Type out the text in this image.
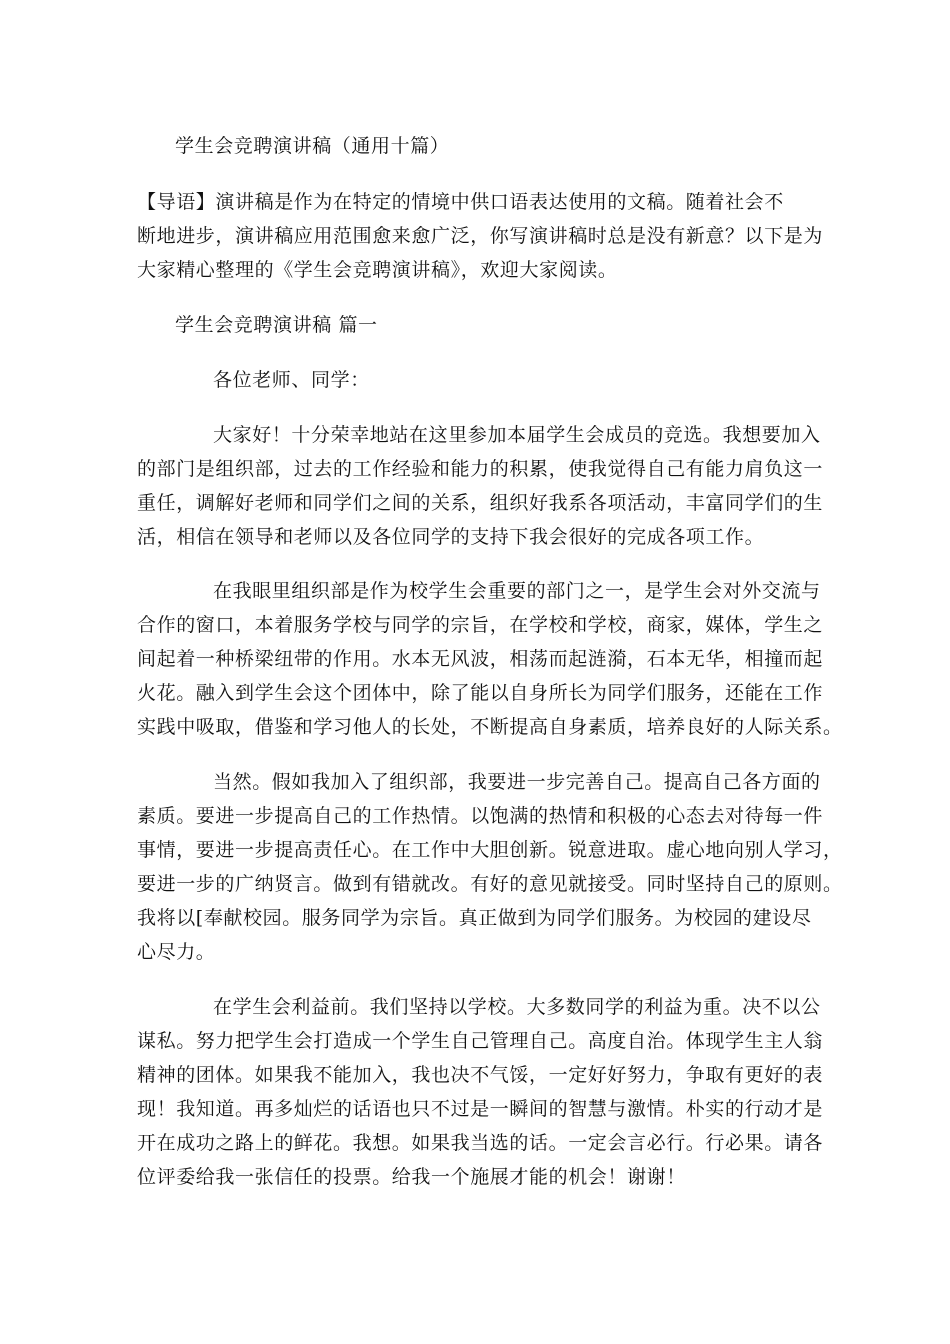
学生会竞聘演讲稿（通用十篇）

【导语】演讲稿是作为在特定的情境中供口语表达使用的文稿。随着社会不

断地进步，演讲稿应用范围愈来愈广泛，你写演讲稿时总是没有新意？以下是为

大家精心整理的《学生会竞聘演讲稿》，欢迎大家阅读。

学生会竞聘演讲稿 篇一

各位老师、同学：

大家好！十分荣幸地站在这里参加本届学生会成员的竞选。我想要加入

的部门是组织部，过去的工作经验和能力的积累，使我觉得自己有能力肩负这一

重任，调解好老师和同学们之间的关系，组织好我系各项活动，丰富同学们的生

活，相信在领导和老师以及各位同学的支持下我会很好的完成各项工作。

在我眼里组织部是作为校学生会重要的部门之一，是学生会对外交流与

合作的窗口，本着服务学校与同学的宗旨，在学校和学校，商家，媒体，学生之

间起着一种桥梁纽带的作用。水本无风波，相荡而起涟漪，石本无华，相撞而起

火花。融入到学生会这个团体中，除了能以自身所长为同学们服务，还能在工作

实践中吸取，借鉴和学习他人的长处，不断提高自身素质，培养良好的人际关系。

当然。假如我加入了组织部，我要进一步完善自己。提高自己各方面的

素质。要进一步提高自己的工作热情。以饱满的热情和积极的心态去对待每一件

事情，要进一步提高责任心。在工作中大胆创新。锐意进取。虚心地向别人学习，

要进一步的广纳贤言。做到有错就改。有好的意见就接受。同时坚持自己的原则。

我将以[奉献校园。服务同学为宗旨。真正做到为同学们服务。为校园的建设尽

心尽力。

在学生会利益前。我们坚持以学校。大多数同学的利益为重。决不以公

谋私。努力把学生会打造成一个学生自己管理自己。高度自治。体现学生主人翁

精神的团体。如果我不能加入，我也决不气馁，一定好好努力，争取有更好的表

现！我知道。再多灿烂的话语也只不过是一瞬间的智慧与激情。朴实的行动才是

开在成功之路上的鲜花。我想。如果我当选的话。一定会言必行。行必果。请各

位评委给我一张信任的投票。给我一个施展才能的机会！谢谢！
